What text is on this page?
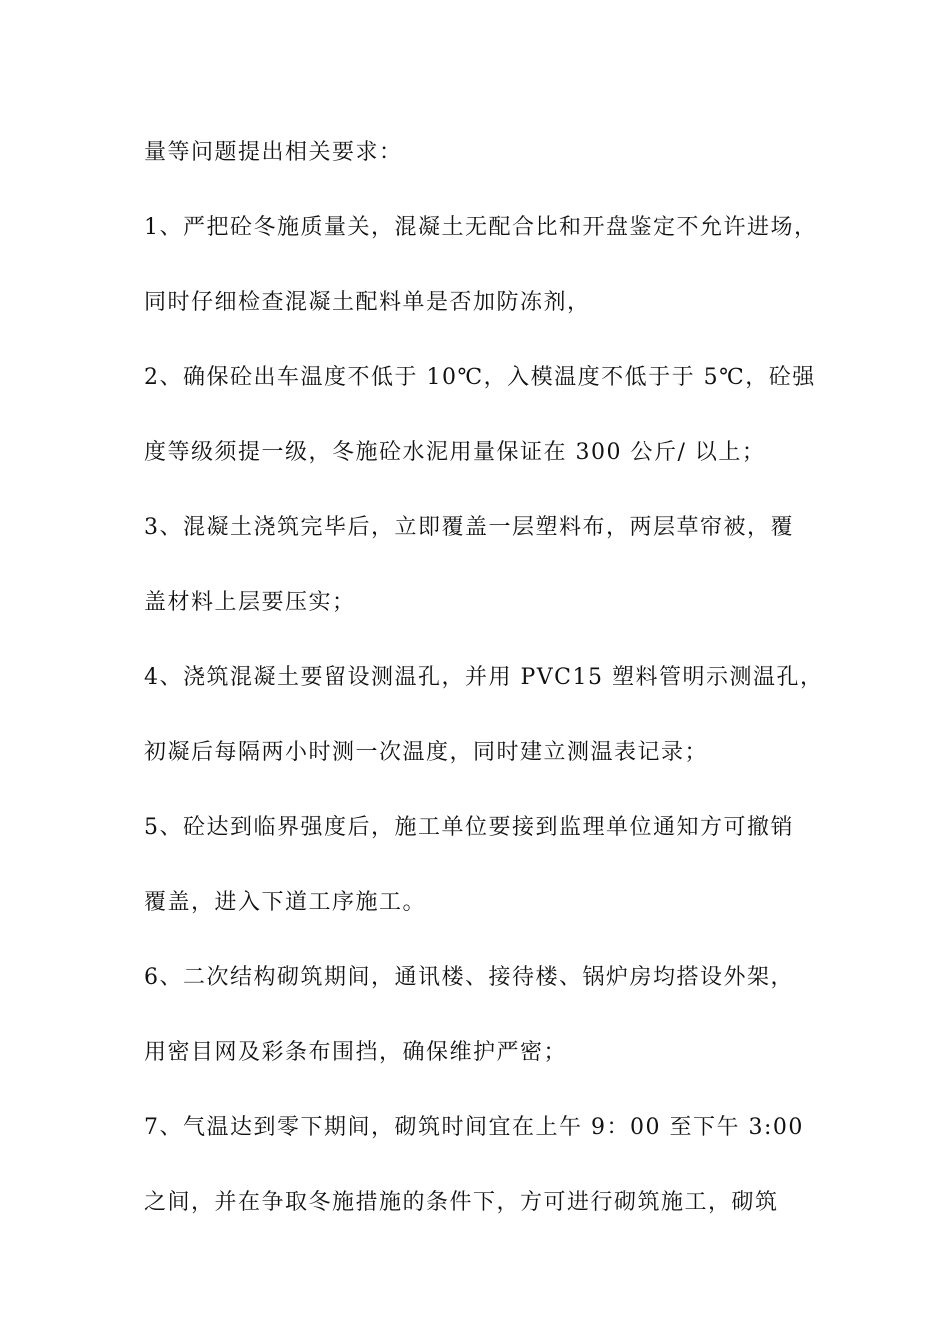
量等问题提出相关要求：
1、严把砼冬施质量关，混凝土无配合比和开盘鉴定不允许进场，
同时仔细检查混凝土配料单是否加防冻剂，
2、确保砼出车温度不低于 10℃，入模温度不低于于 5℃，砼强
度等级须提一级，冬施砼水泥用量保证在 300 公斤/ 以上；
3、混凝土浇筑完毕后，立即覆盖一层塑料布，两层草帘被，覆
盖材料上层要压实；
4、浇筑混凝土要留设测温孔，并用 PVC15 塑料管明示测温孔，
初凝后每隔两小时测一次温度，同时建立测温表记录；
5、砼达到临界强度后，施工单位要接到监理单位通知方可撤销
覆盖，进入下道工序施工。
6、二次结构砌筑期间，通讯楼、接待楼、锅炉房均搭设外架，
用密目网及彩条布围挡，确保维护严密；
7、气温达到零下期间，砌筑时间宜在上午 9：00 至下午 3:00
之间，并在争取冬施措施的条件下，方可进行砌筑施工，砌筑
